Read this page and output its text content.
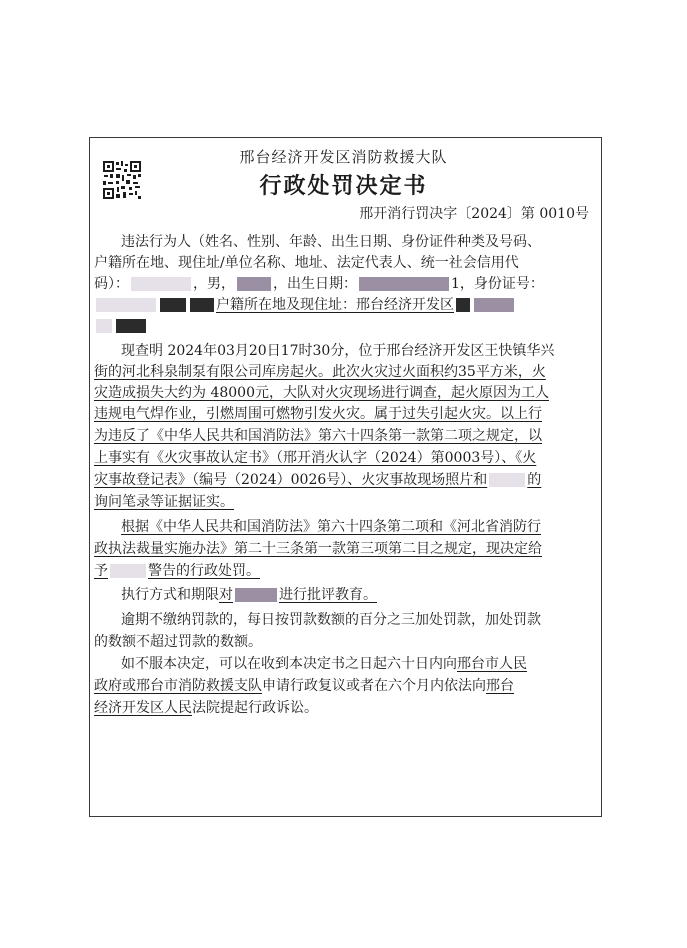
邢台经济开发区消防救援大队
行政处罚决定书
邢开消行罚决字〔2024〕第 0010号
违法行为人（姓名、性别、年龄、出生日期、身份证件种类及号码、
户籍所在地、现住址/单位名称、地址、法定代表人、统一社会信用代
码）：	，男，	，出生日期：	1，身份证号：
户籍所在地及现住址：邢台经济开发区
现查明 2024年03月20日17时30分，位于邢台经济开发区王快镇华兴
街的河北科泉制泵有限公司库房起火。此次火灾过火面积约35平方米，火
灾造成损失大约为 48000元，大队对火灾现场进行调查，起火原因为工人
违规电气焊作业，引燃周围可燃物引发火灾。属于过失引起火灾。以上行
为违反了《中华人民共和国消防法》第六十四条第一款第二项之规定，以
上事实有《火灾事故认定书》（邢开消火认字（2024）第0003号）、《火
灾事故登记表》（编号（2024）0026号）、火灾事故现场照片和	的
询问笔录等证据证实。
根据《中华人民共和国消防法》第六十四条第二项和《河北省消防行
政执法裁量实施办法》第二十三条第一款第三项第二目之规定，现决定给
予	警告的行政处罚。
执行方式和期限对	进行批评教育。
逾期不缴纳罚款的，每日按罚款数额的百分之三加处罚款，加处罚款
的数额不超过罚款的数额。
如不服本决定，可以在收到本决定书之日起六十日内向邢台市人民
政府或邢台市消防救援支队申请行政复议或者在六个月内依法向邢台
经济开发区人民法院提起行政诉讼。
